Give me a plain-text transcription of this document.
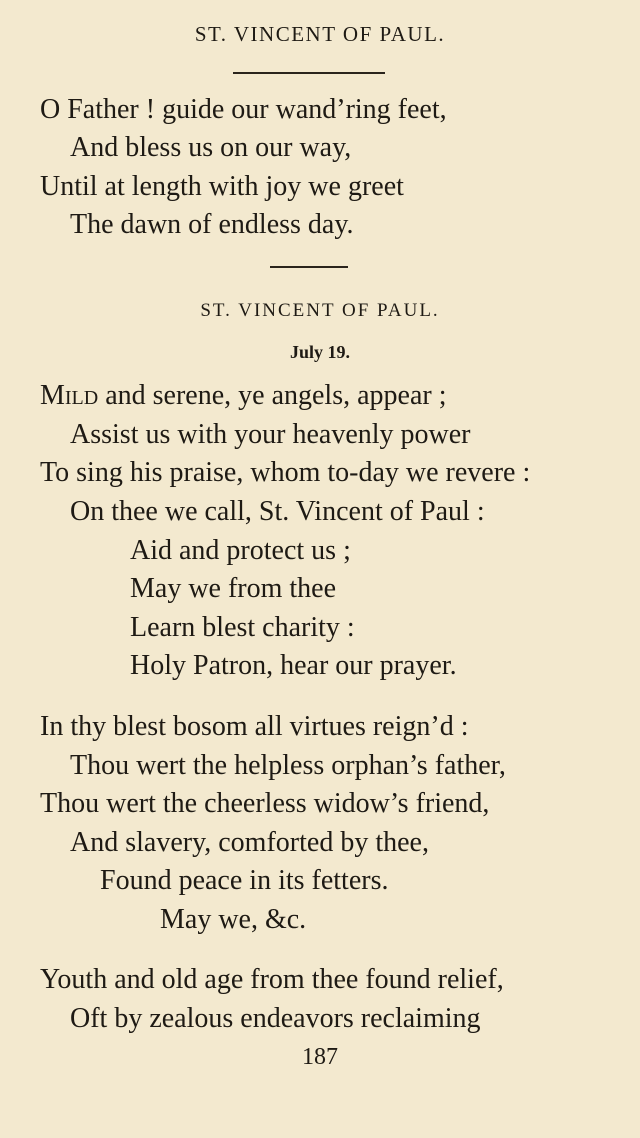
ST. VINCENT OF PAUL.
O Father ! guide our wand’ring feet,
And bless us on our way,
Until at length with joy we greet
The dawn of endless day.
ST. VINCENT OF PAUL.
July 19.
Mild and serene, ye angels, appear ;
Assist us with your heavenly power
To sing his praise, whom to-day we revere :
On thee we call, St. Vincent of Paul :
Aid and protect us ;
May we from thee
Learn blest charity :
Holy Patron, hear our prayer.
In thy blest bosom all virtues reign’d :
Thou wert the helpless orphan’s father,
Thou wert the cheerless widow’s friend,
And slavery, comforted by thee,
Found peace in its fetters.
May we, &c.
Youth and old age from thee found relief,
Oft by zealous endeavors reclaiming
187
